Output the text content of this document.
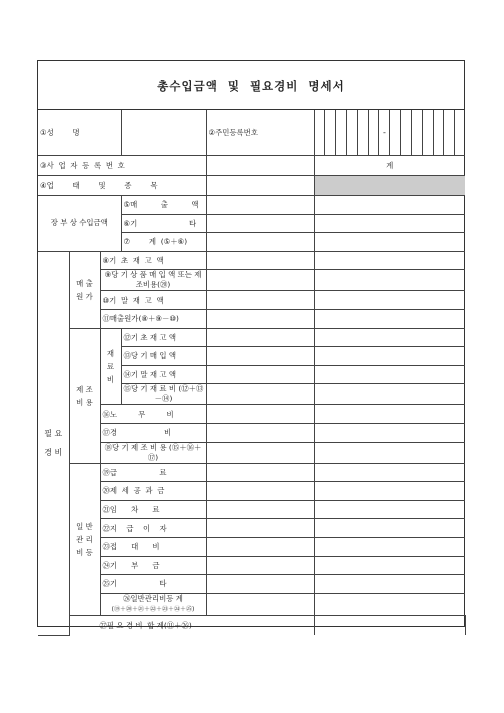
총수입금액  및  필요경비  명세서
①성        명				②주민등록번호	-	

③사  업  자  등  록  번  호					계	
④업        태        및        종        목						
장 부 상 수입금액			⑤매          출          액			
			⑥기                      타			
			⑦        계  (⑤＋⑥)			
필 요 경 비	매 출 원 가	⑧기  초  재  고  액				
		⑨당 기 상 품 매 입 액 또는 제조비용(⑳)				
		⑩기  말  재  고  액				
		⑪매출원가(⑧＋⑨－⑩)				
	제 조 비 용	재 료 비	⑫기 초 재 고 액			
			⑬당 기 매 입 액			
			⑭기 말 재 고 액			
			⑮당 기 재 료 비 (⑫＋⑬－⑭)			
		⑯노         무         비				
		⑰경                    비				
		⑱당 기 제 조 비 용 (⑮＋⑯＋⑰)				
	일 반 관 리 비 등	⑲급                  료				
		⑳제  세  공  과  금				
		㉑임      차      료				
		㉒지    급    이    자				
		㉓접      대      비				
		㉔기      부      금				
		㉕기                  타				
		㉖일반관리비등 계
(⑲＋⑳＋㉑＋㉒＋㉓＋㉔＋㉕)				
	㉗필 요 경 비  합 계(⑪＋㉖)					
